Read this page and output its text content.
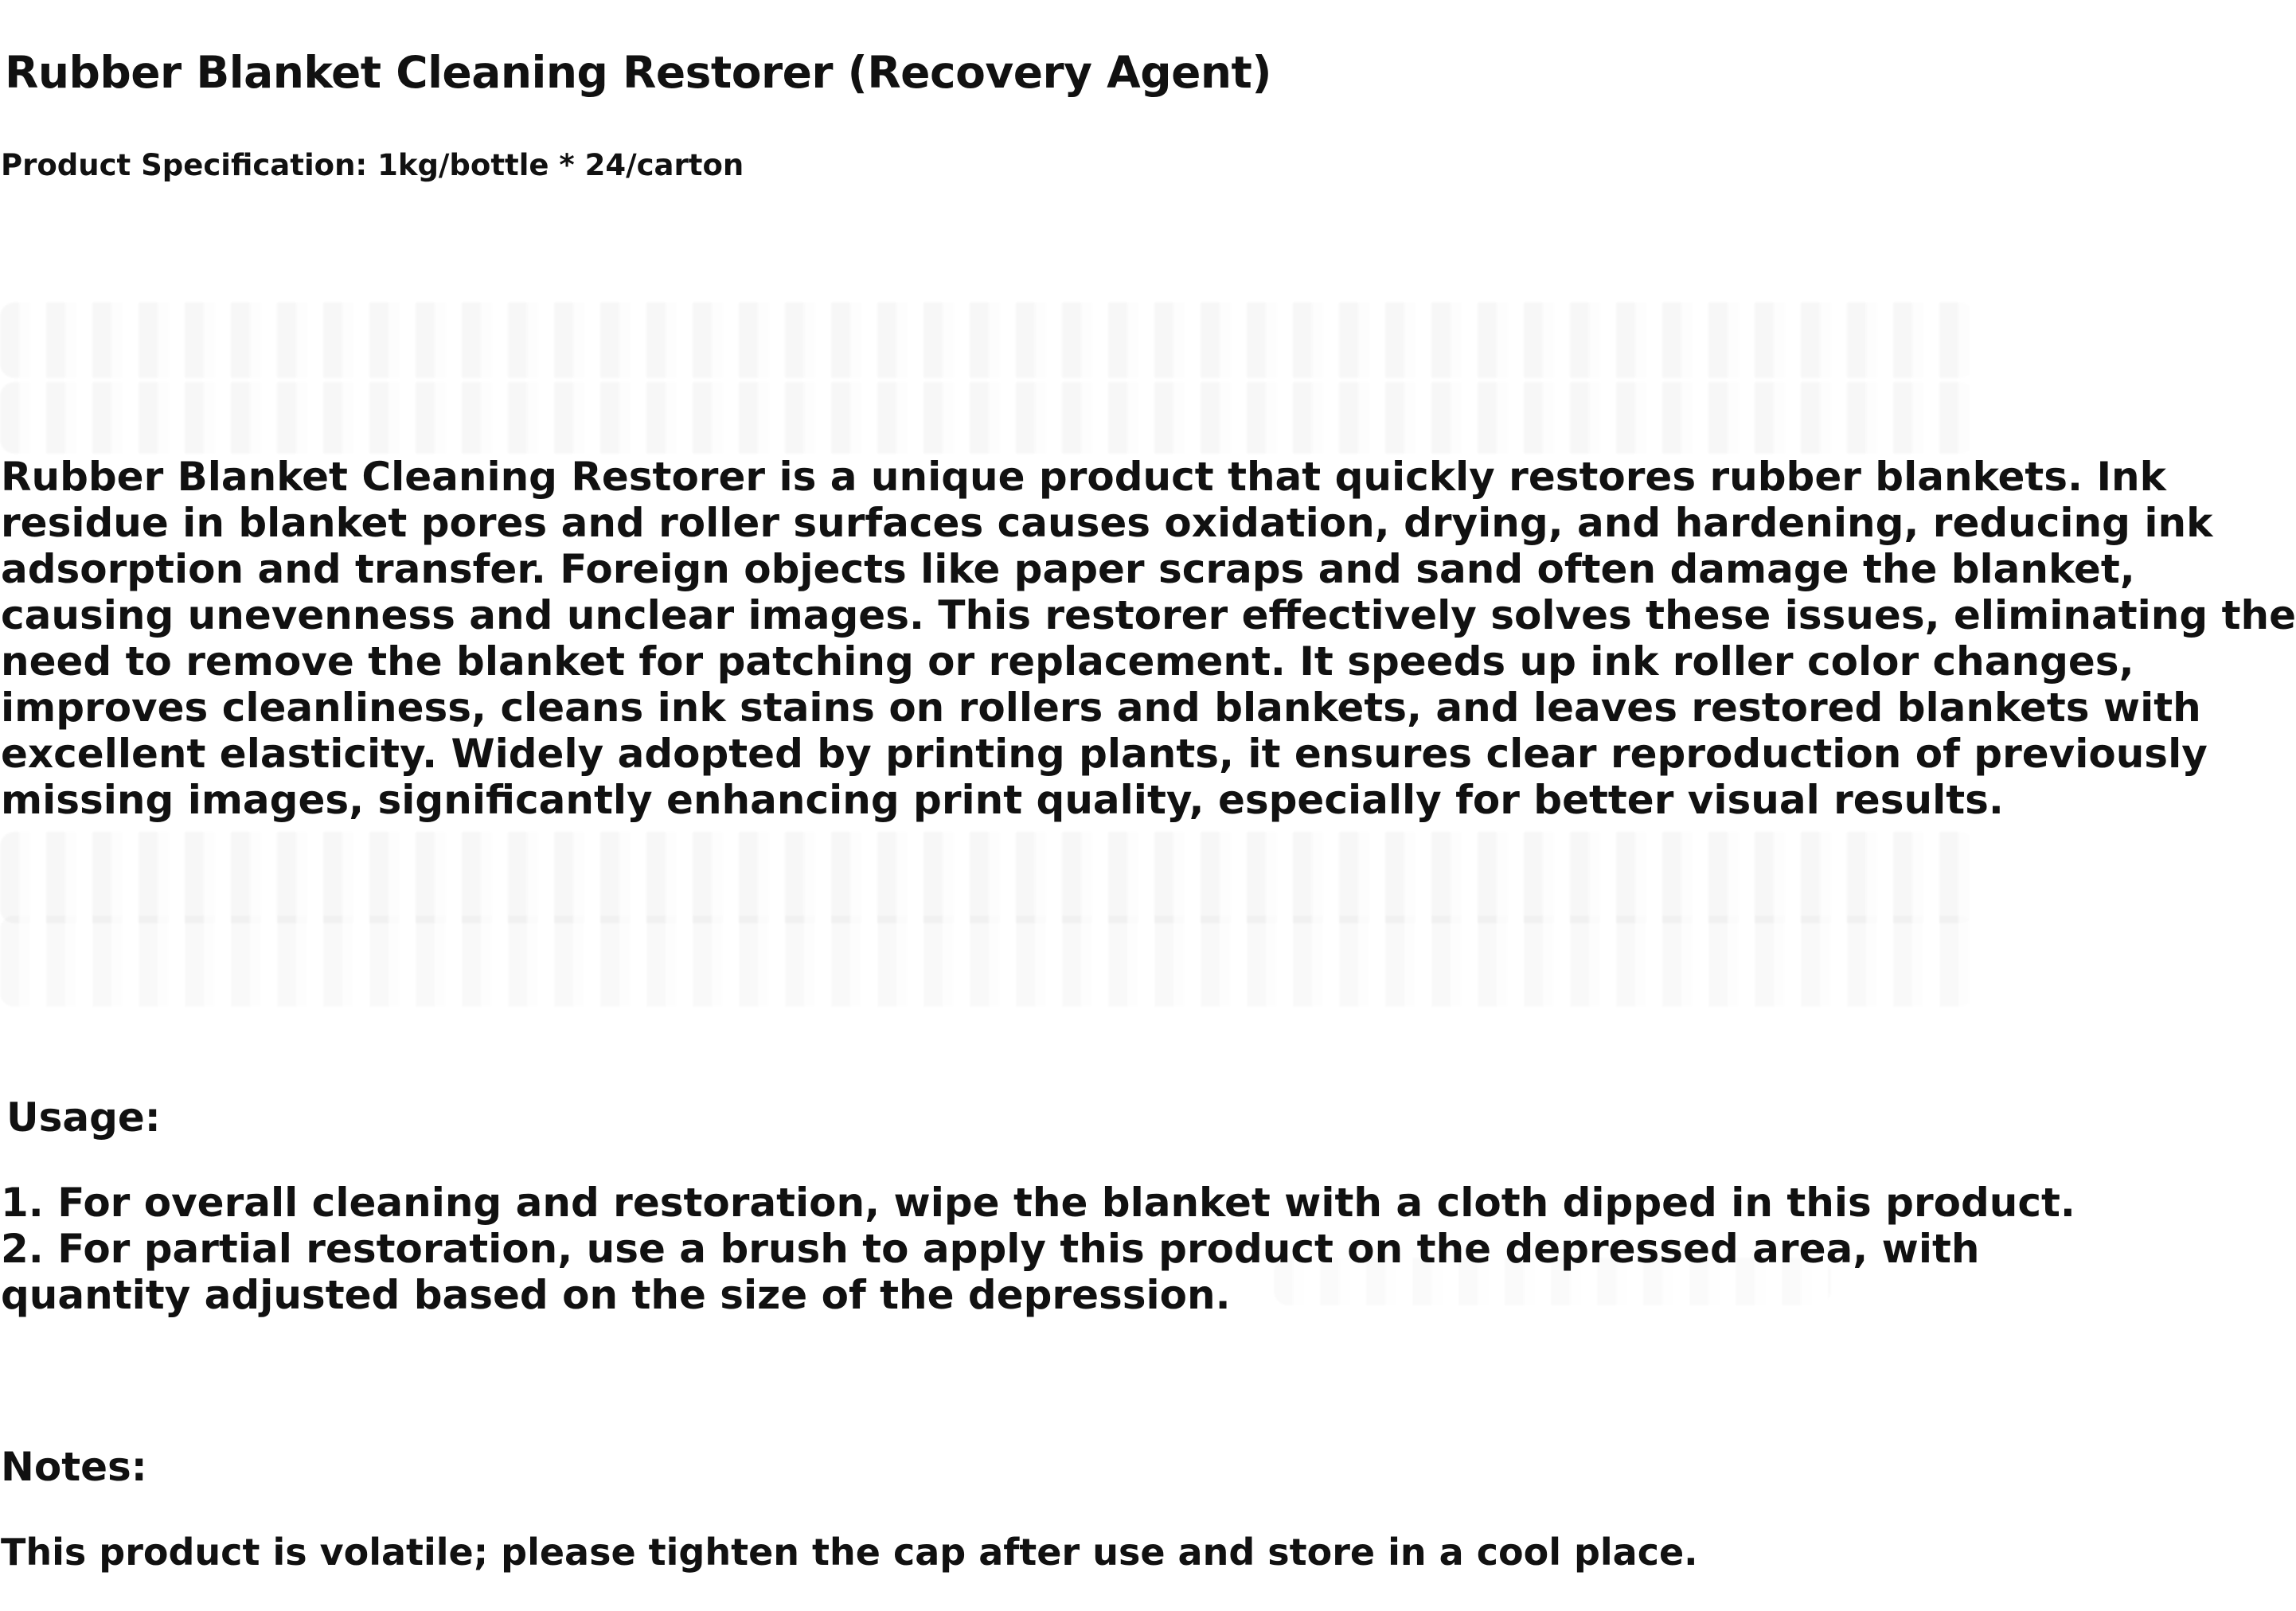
Rubber Blanket Cleaning Restorer (Recovery Agent)
Product Specification: 1kg/bottle * 24/carton
Rubber Blanket Cleaning Restorer is a unique product that quickly restores rubber blankets. Ink
residue in blanket pores and roller surfaces causes oxidation, drying, and hardening, reducing ink
adsorption and transfer. Foreign objects like paper scraps and sand often damage the blanket,
causing unevenness and unclear images. This restorer effectively solves these issues, eliminating the
need to remove the blanket for patching or replacement. It speeds up ink roller color changes,
improves cleanliness, cleans ink stains on rollers and blankets, and leaves restored blankets with
excellent elasticity. Widely adopted by printing plants, it ensures clear reproduction of previously
missing images, significantly enhancing print quality, especially for better visual results.
Usage:
1. For overall cleaning and restoration, wipe the blanket with a cloth dipped in this product.
2. For partial restoration, use a brush to apply this product on the depressed area, with
quantity adjusted based on the size of the depression.
Notes:
This product is volatile; please tighten the cap after use and store in a cool place.
